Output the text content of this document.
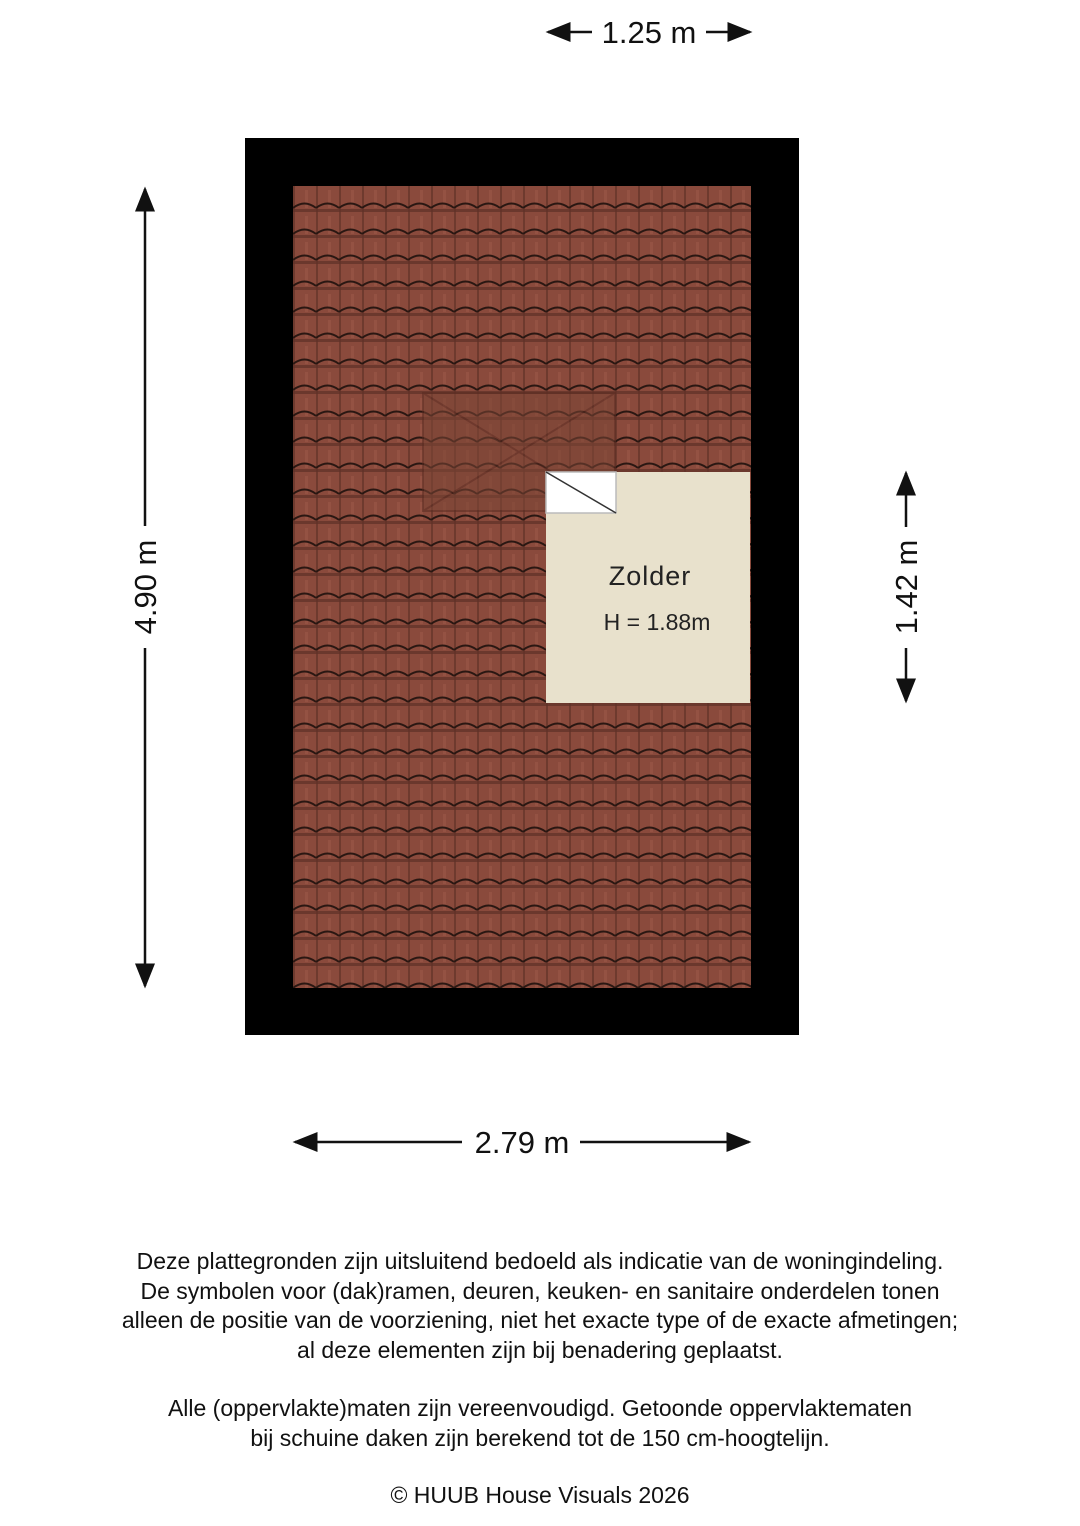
Zolder
H = 1.88m
1.25 m
4.90 m	1.42 m
2.79 m

Deze plattegronden zijn uitsluitend bedoeld als indicatie van de woningindeling.

De symbolen voor (dak)ramen, deuren, keuken- en sanitaire onderdelen tonen

alleen de positie van de voorziening, niet het exacte type of de exacte afmetingen;

al deze elementen zijn bij benadering geplaatst.

Alle (oppervlakte)maten zijn vereenvoudigd. Getoonde oppervlaktematen

bij schuine daken zijn berekend tot de 150 cm-hoogtelijn.

© HUUB House Visuals 2026
